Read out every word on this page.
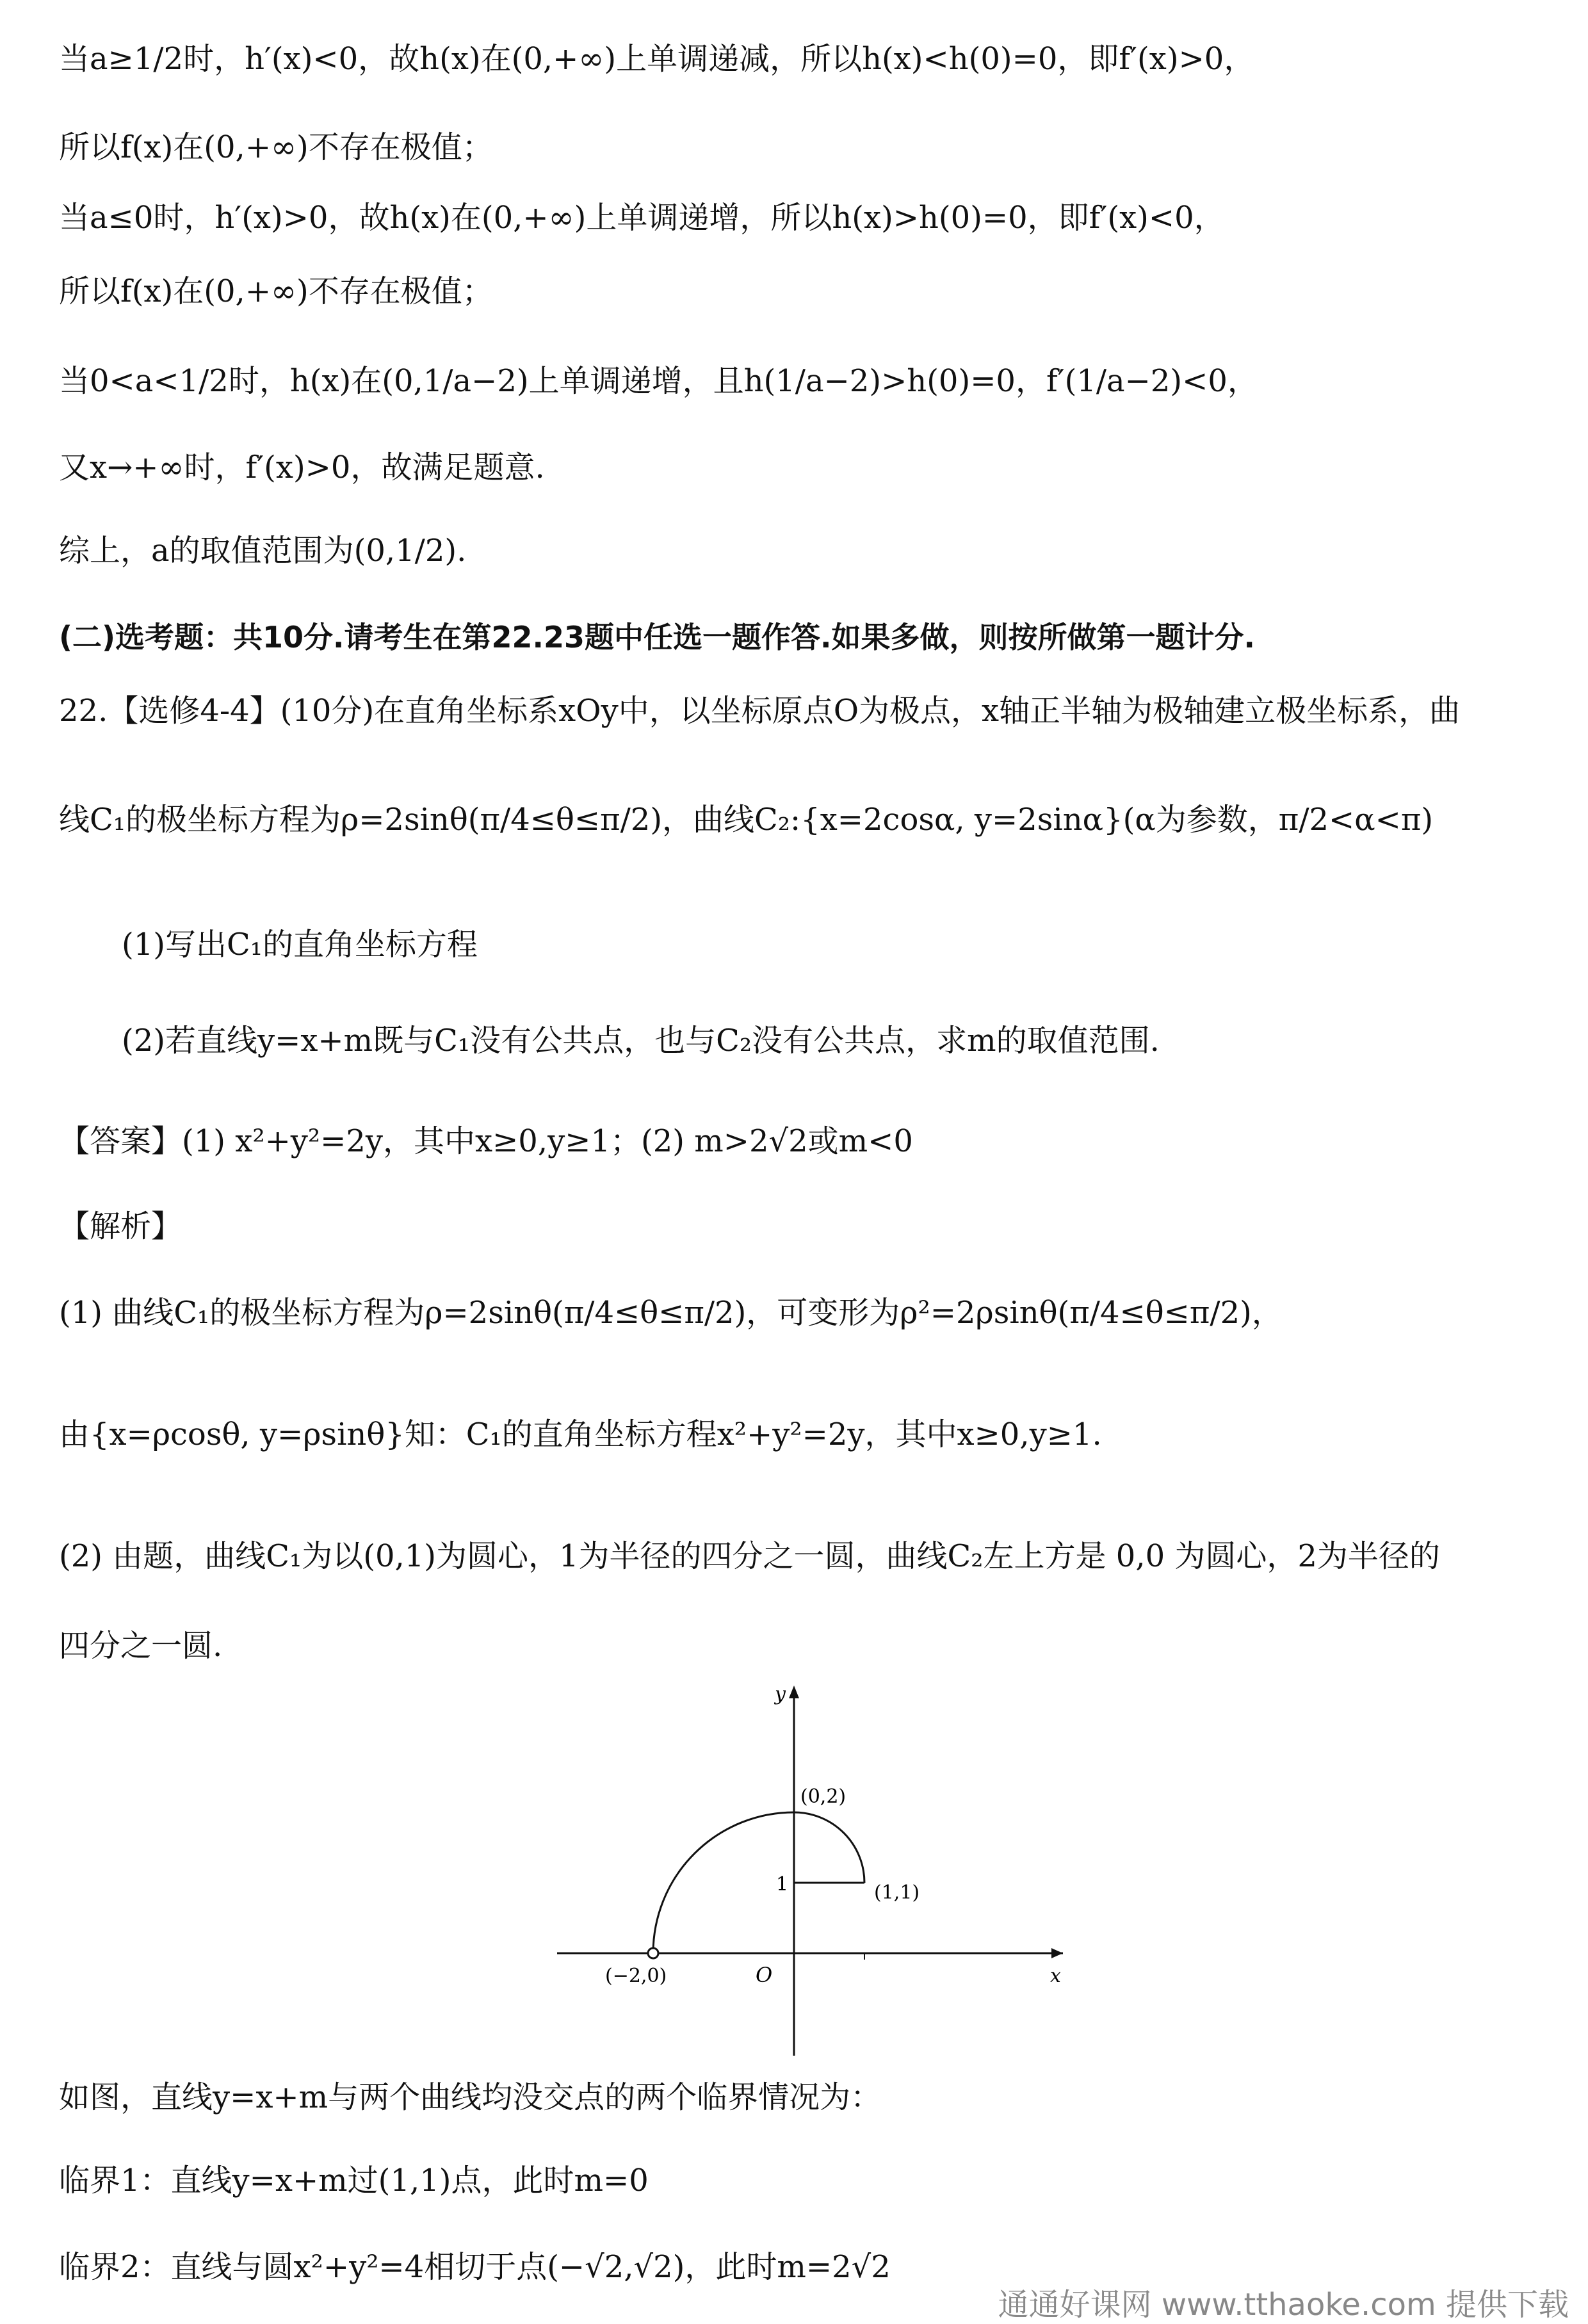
当a≥1/2时，h′(x)<0，故h(x)在(0,+∞)上单调递减，所以h(x)<h(0)=0，即f′(x)>0，
所以f(x)在(0,+∞)不存在极值；
当a≤0时，h′(x)>0，故h(x)在(0,+∞)上单调递增，所以h(x)>h(0)=0，即f′(x)<0，
所以f(x)在(0,+∞)不存在极值；
当0<a<1/2时，h(x)在(0,1/a−2)上单调递增，且h(1/a−2)>h(0)=0，f′(1/a−2)<0，
又x→+∞时，f′(x)>0，故满足题意.
综上，a的取值范围为(0,1/2).
(二)选考题：共10分.请考生在第22.23题中任选一题作答.如果多做，则按所做第一题计分.
22.【选修4-4】(10分)在直角坐标系xOy中，以坐标原点O为极点，x轴正半轴为极轴建立极坐标系，曲
线C₁的极坐标方程为ρ=2sinθ(π/4≤θ≤π/2)，曲线C₂:{x=2cosα, y=2sinα}(α为参数，π/2<α<π)
(1)写出C₁的直角坐标方程
(2)若直线y=x+m既与C₁没有公共点，也与C₂没有公共点，求m的取值范围.
【答案】(1) x²+y²=2y，其中x≥0,y≥1；(2) m>2√2或m<0
【解析】
(1) 曲线C₁的极坐标方程为ρ=2sinθ(π/4≤θ≤π/2)，可变形为ρ²=2ρsinθ(π/4≤θ≤π/2)，
由{x=ρcosθ, y=ρsinθ}知：C₁的直角坐标方程x²+y²=2y，其中x≥0,y≥1.
(2) 由题，曲线C₁为以(0,1)为圆心，1为半径的四分之一圆，曲线C₂左上方是 0,0 为圆心，2为半径的
四分之一圆.
y
x
O
(0,2)
(1,1)
(−2,0)
1
如图，直线y=x+m与两个曲线均没交点的两个临界情况为：
临界1：直线y=x+m过(1,1)点，此时m=0
临界2：直线与圆x²+y²=4相切于点(−√2,√2)，此时m=2√2
通通好课网 www.tthaoke.com 提供下载
